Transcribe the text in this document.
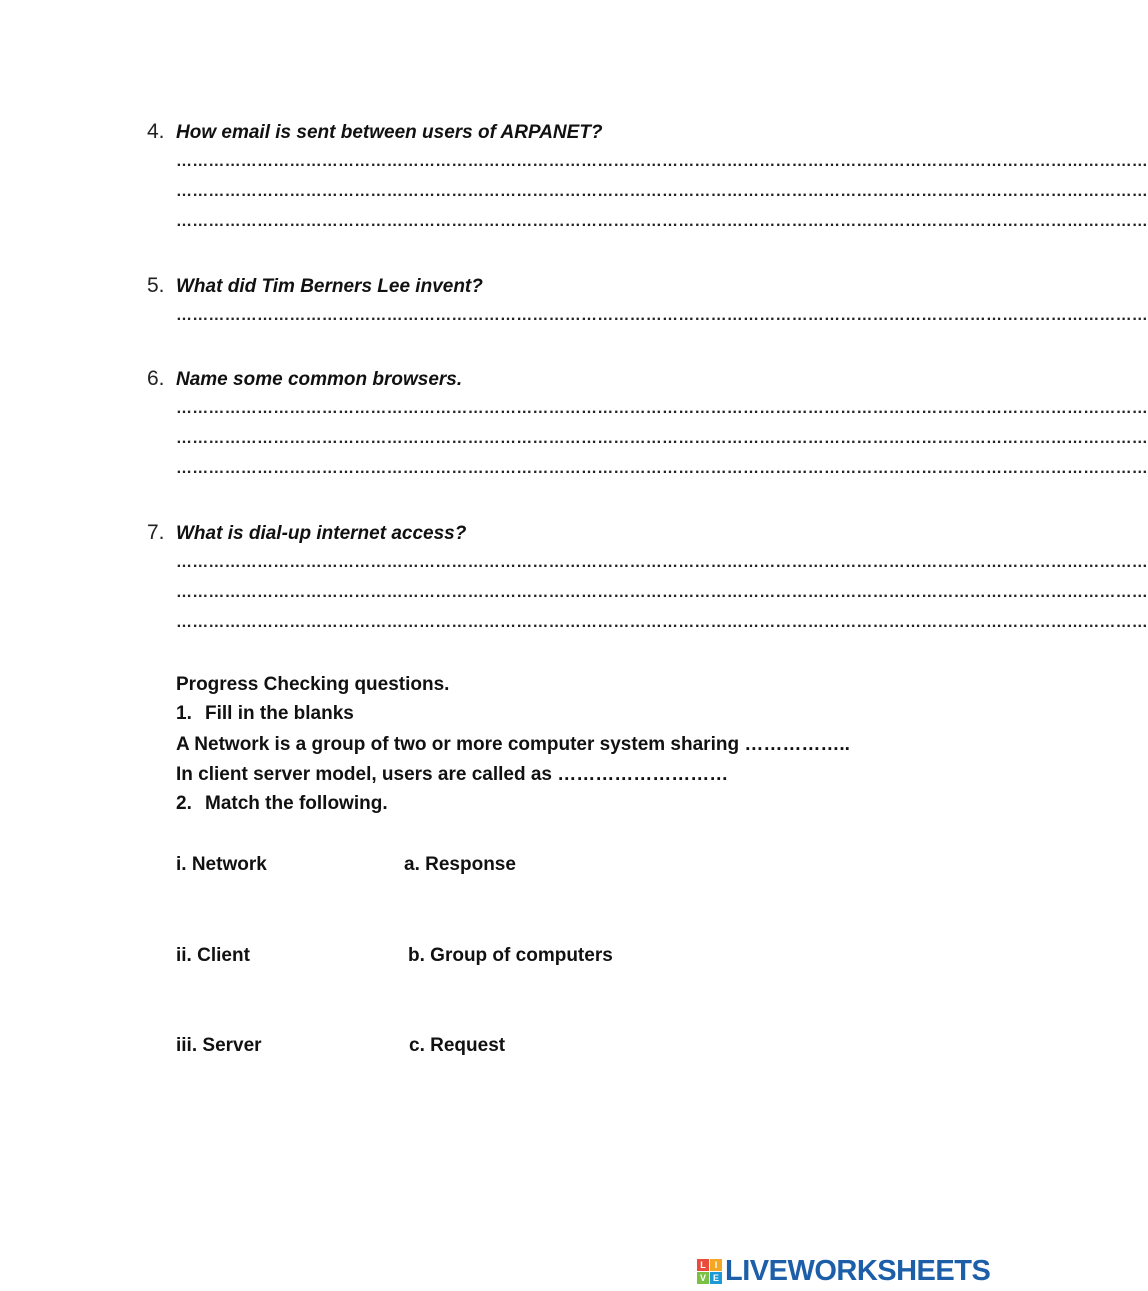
4. How email is sent between users of ARPANET?
………………………………………………………………………………………………………………………………………………………………
………………………………………………………………………………………………………………………………………………………………
………………………………………………………………………………………………………………………………………………………………
5. What did Tim Berners Lee invent?
………………………………………………………………………………………………………………………………………………………………
6. Name some common browsers.
………………………………………………………………………………………………………………………………………………………………
………………………………………………………………………………………………………………………………………………………………
………………………………………………………………………………………………………………………………………………………………
7. What is dial-up internet access?
………………………………………………………………………………………………………………………………………………………………
………………………………………………………………………………………………………………………………………………………………
………………………………………………………………………………………………………………………………………………………………
Progress Checking questions.
1. Fill in the blanks
A Network is a group of two or more computer system sharing ……………..
In client server model, users are called as ………………………
2. Match the following.
i. Network	a. Response
ii. Client	b. Group of computers
iii. Server	c. Request
L I
V E LIVEWORKSHEETS
